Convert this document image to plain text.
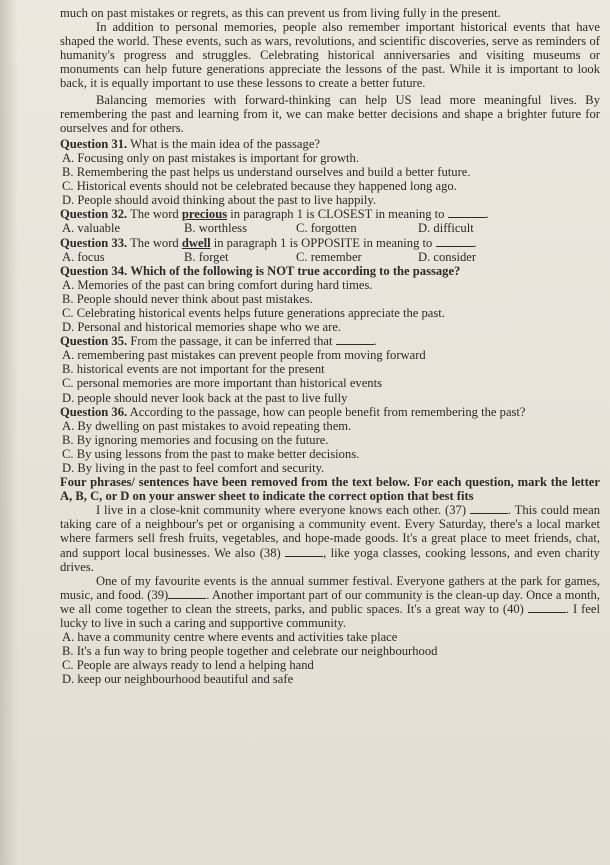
much on past mistakes or regrets, as this can prevent us from living fully in the present.

In addition to personal memories, people also remember important historical events that have shaped the world. These events, such as wars, revolutions, and scientific discoveries, serve as reminders of humanity's progress and struggles. Celebrating historical anniversaries and visiting museums or monuments can help future generations appreciate the lessons of the past. While it is important to look back, it is equally important to use these lessons to create a better future.

Balancing memories with forward-thinking can help US lead more meaningful lives. By remembering the past and learning from it, we can make better decisions and shape a brighter future for ourselves and for others.

Question 31. What is the main idea of the passage?
A. Focusing only on past mistakes is important for growth.
B. Remembering the past helps us understand ourselves and build a better future.
C. Historical events should not be celebrated because they happened long ago.
D. People should avoid thinking about the past to live happily.
Question 32. The word precious in paragraph 1 is CLOSEST in meaning to	.
A. valuable	B. worthless	C. forgotten	D. difficult
Question 33. The word dwell in paragraph 1 is OPPOSITE in meaning to	.
A. focus	B. forget	C. remember	D. consider
Question 34. Which of the following is NOT true according to the passage?
A. Memories of the past can bring comfort during hard times.
B. People should never think about past mistakes.
C. Celebrating historical events helps future generations appreciate the past.
D. Personal and historical memories shape who we are.
Question 35. From the passage, it can be inferred that	.
A. remembering past mistakes can prevent people from moving forward
B. historical events are not important for the present
C. personal memories are more important than historical events
D. people should never look back at the past to live fully
Question 36. According to the passage, how can people benefit from remembering the past?
A. By dwelling on past mistakes to avoid repeating them.
B. By ignoring memories and focusing on the future.
C. By using lessons from the past to make better decisions.
D. By living in the past to feel comfort and security.

Four phrases/ sentences have been removed from the text below. For each question, mark the letter A, B, C, or D on your answer sheet to indicate the correct option that best fits

I live in a close-knit community where everyone knows each other. (37)	. This could mean taking care of a neighbour's pet or organising a community event. Every Saturday, there's a local market where farmers sell fresh fruits, vegetables, and hope-made goods. It's a great place to meet friends, chat, and support local businesses. We also (38)	, like yoga classes, cooking lessons, and even charity drives.

One of my favourite events is the annual summer festival. Everyone gathers at the park for games, music, and food. (39)	. Another important part of our community is the clean-up day. Once a month, we all come together to clean the streets, parks, and public spaces. It's a great way to (40)	. I feel lucky to live in such a caring and supportive community.

A. have a community centre where events and activities take place
B. It's a fun way to bring people together and celebrate our neighbourhood
C. People are always ready to lend a helping hand
D. keep our neighbourhood beautiful and safe
